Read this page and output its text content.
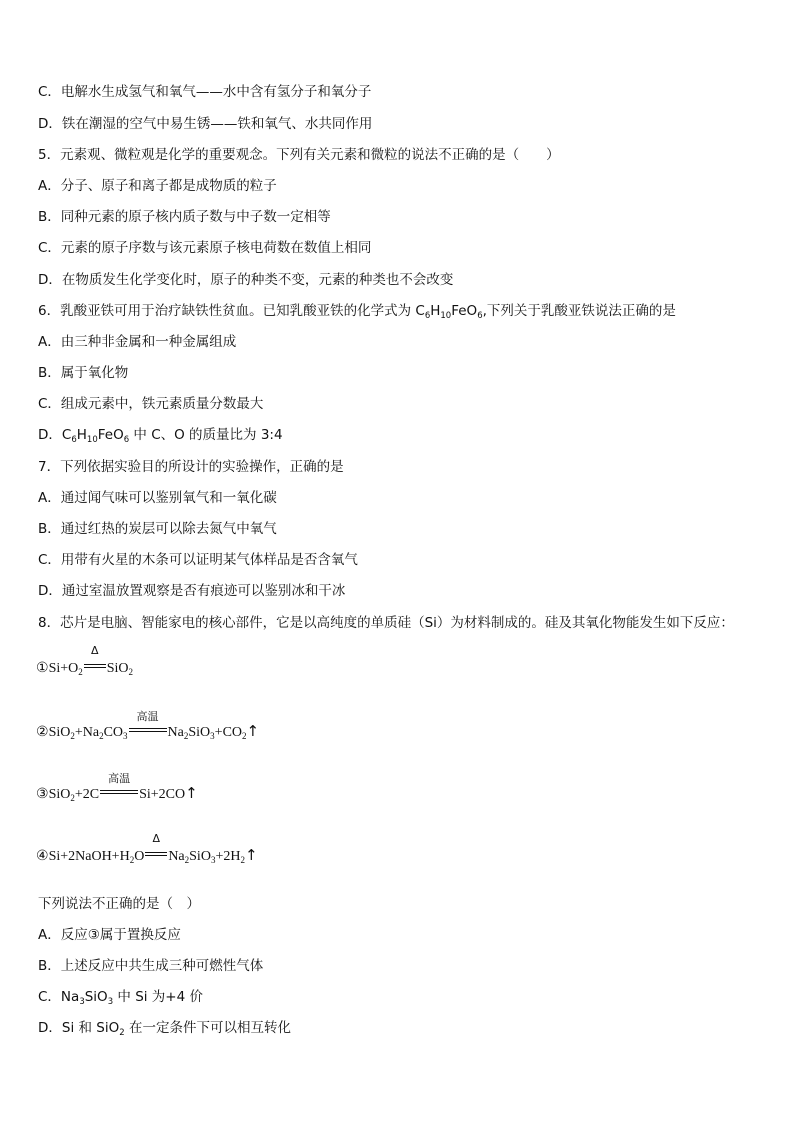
C．电解水生成氢气和氧气——水中含有氢分子和氧分子
D．铁在潮湿的空气中易生锈——铁和氧气、水共同作用
5．元素观、微粒观是化学的重要观念。下列有关元素和微粒的说法不正确的是（　　）
A．分子、原子和离子都是成物质的粒子
B．同种元素的原子核内质子数与中子数一定相等
C．元素的原子序数与该元素原子核电荷数在数值上相同
D．在物质发生化学变化时，原子的种类不变，元素的种类也不会改变
6．乳酸亚铁可用于治疗缺铁性贫血。已知乳酸亚铁的化学式为 $C_6H_{10}FeO_6$,下列关于乳酸亚铁说法正确的是
A．由三种非金属和一种金属组成
B．属于氧化物
C．组成元素中，铁元素质量分数最大
D．$C_6H_{10}FeO_6$ 中 C、O 的质量比为 3:4
7．下列依据实验目的所设计的实验操作，正确的是
A．通过闻气味可以鉴别氧气和一氧化碳
B．通过红热的炭层可以除去氮气中氧气
C．用带有火星的木条可以证明某气体样品是否含氧气
D．通过室温放置观察是否有痕迹可以鉴别冰和干冰
8．芯片是电脑、智能家电的核心部件，它是以高纯度的单质硅（Si）为材料制成的。硅及其氧化物能发生如下反应：
$①Si+O_2$
Δ
SiO$_2$
$②SiO_2+Na_2CO_3$
高温
$Na_2SiO_3+CO_2↑$
③SiO$_2$+2C
高温
Si+2CO↑
$④Si+2NaOH+H_2O$
Δ
$Na_2SiO_3+2H_2↑$
下列说法不正确的是（　）
A．反应③属于置换反应
B．上述反应中共生成三种可燃性气体
C．$Na_3SiO_3$ 中 Si 为+4 价
D．Si 和 SiO$_2$ 在一定条件下可以相互转化
